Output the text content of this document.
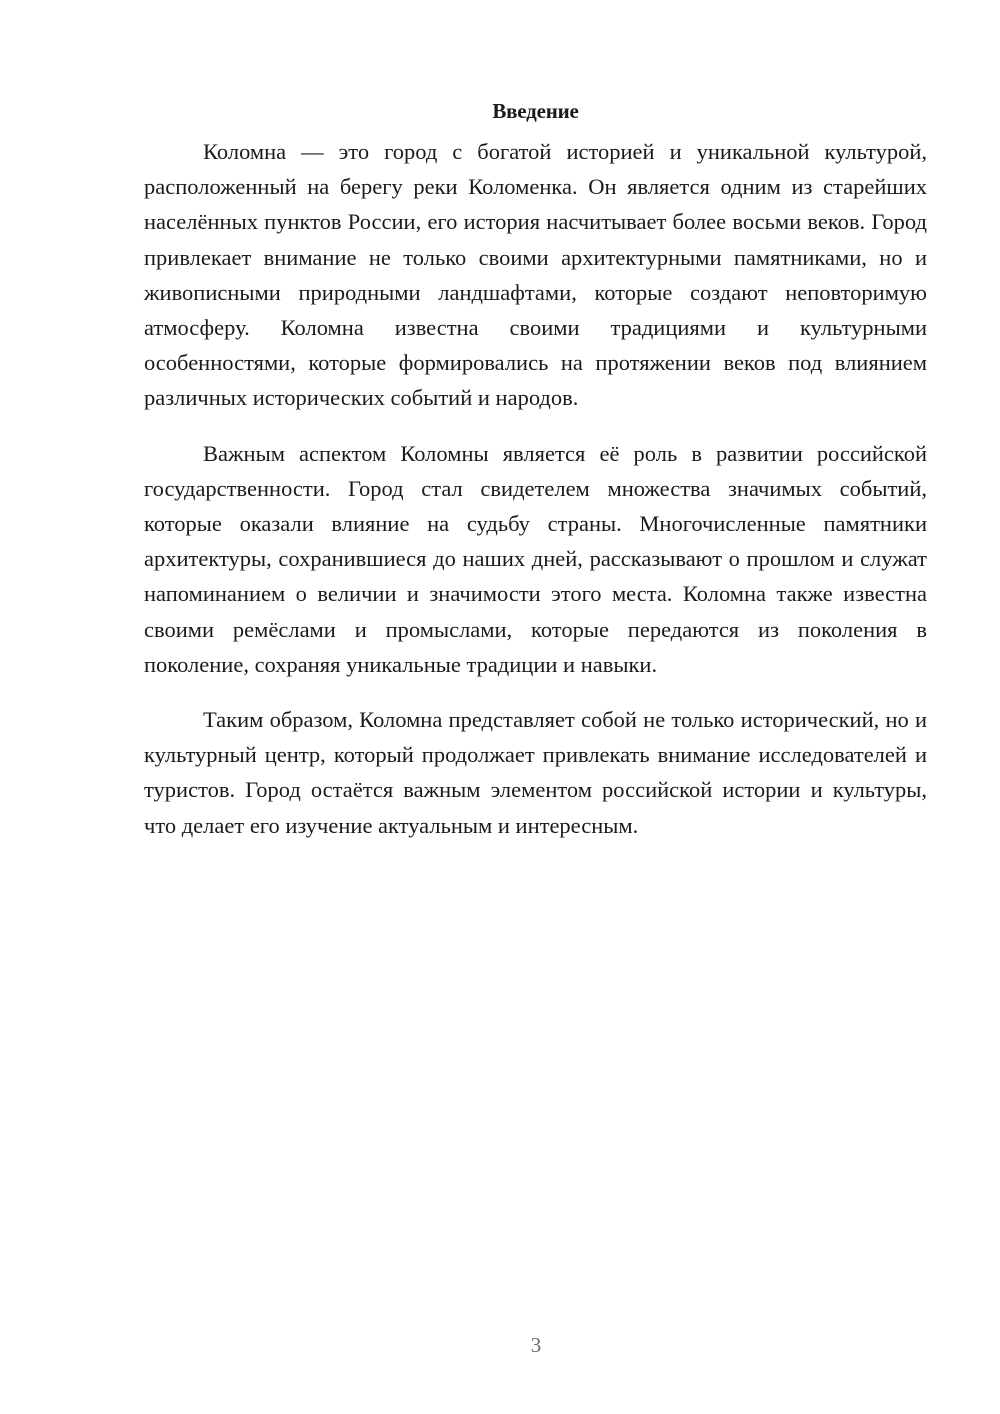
Введение

Коломна — это город с богатой историей и уникальной культурой, расположенный на берегу реки Коломенка. Он является одним из старейших населённых пунктов России, его история насчитывает более восьми веков. Город привлекает внимание не только своими архитектурными памятниками, но и живописными природными ландшафтами, которые создают неповторимую атмосферу. Коломна известна своими традициями и культурными особенностями, которые формировались на протяжении веков под влиянием различных исторических событий и народов.

Важным аспектом Коломны является её роль в развитии российской государственности. Город стал свидетелем множества значимых событий, которые оказали влияние на судьбу страны. Многочисленные памятники архитектуры, сохранившиеся до наших дней, рассказывают о прошлом и служат напоминанием о величии и значимости этого места. Коломна также известна своими ремёслами и промыслами, которые передаются из поколения в поколение, сохраняя уникальные традиции и навыки.

Таким образом, Коломна представляет собой не только исторический, но и культурный центр, который продолжает привлекать внимание исследователей и туристов. Город остаётся важным элементом российской истории и культуры, что делает его изучение актуальным и интересным.

3
